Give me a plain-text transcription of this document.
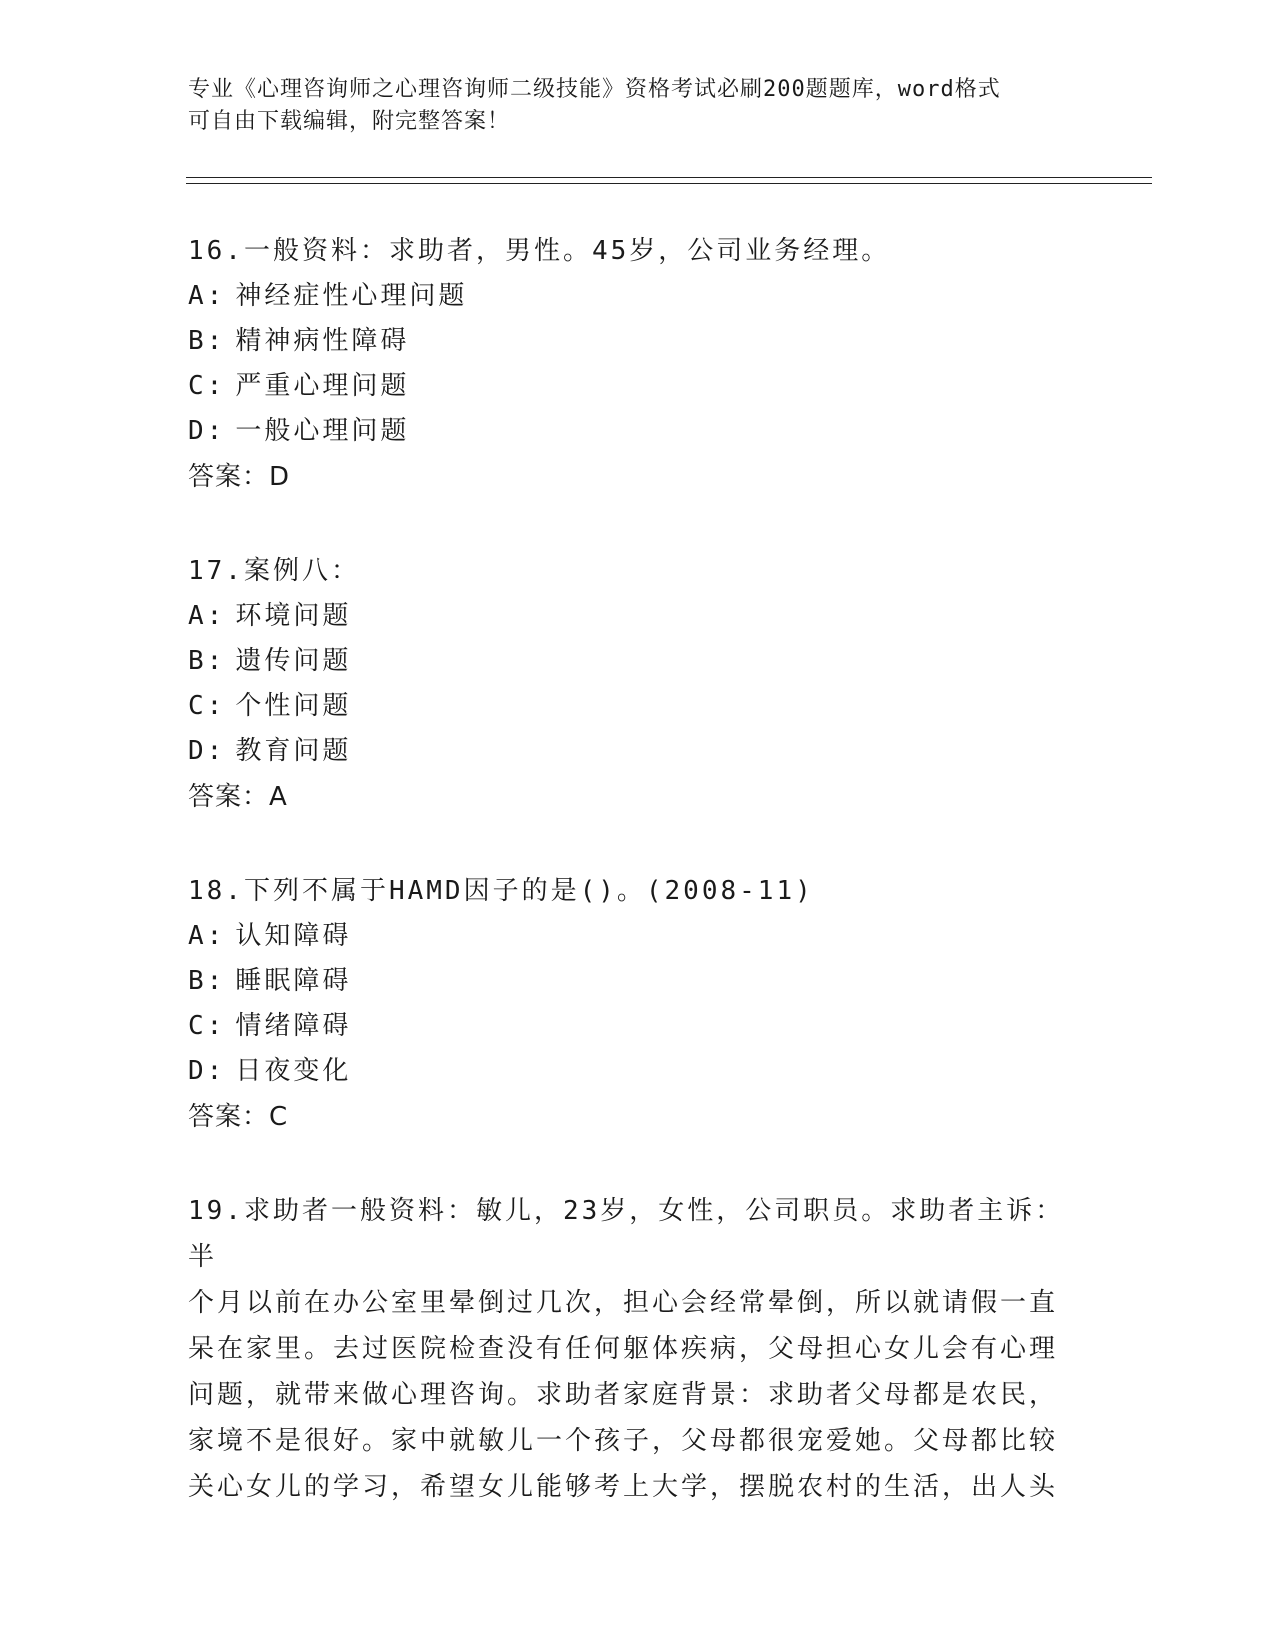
专业《心理咨询师之心理咨询师二级技能》资格考试必刷200题题库，word格式
可自由下载编辑，附完整答案！

16.一般资料：求助者，男性。45岁，公司业务经理。

A: 神经症性心理问题

B: 精神病性障碍

C: 严重心理问题

D: 一般心理问题

答案：D

17.案例八：

A: 环境问题

B: 遗传问题

C: 个性问题

D: 教育问题

答案：A

18.下列不属于HAMD因子的是()。(2008-11)

A: 认知障碍

B: 睡眠障碍

C: 情绪障碍

D: 日夜变化

答案：C

19.求助者一般资料：敏儿，23岁，女性，公司职员。求助者主诉：半

个月以前在办公室里晕倒过几次，担心会经常晕倒，所以就请假一直

呆在家里。去过医院检查没有任何躯体疾病，父母担心女儿会有心理

问题，就带来做心理咨询。求助者家庭背景：求助者父母都是农民，

家境不是很好。家中就敏儿一个孩子，父母都很宠爱她。父母都比较

关心女儿的学习，希望女儿能够考上大学，摆脱农村的生活，出人头
